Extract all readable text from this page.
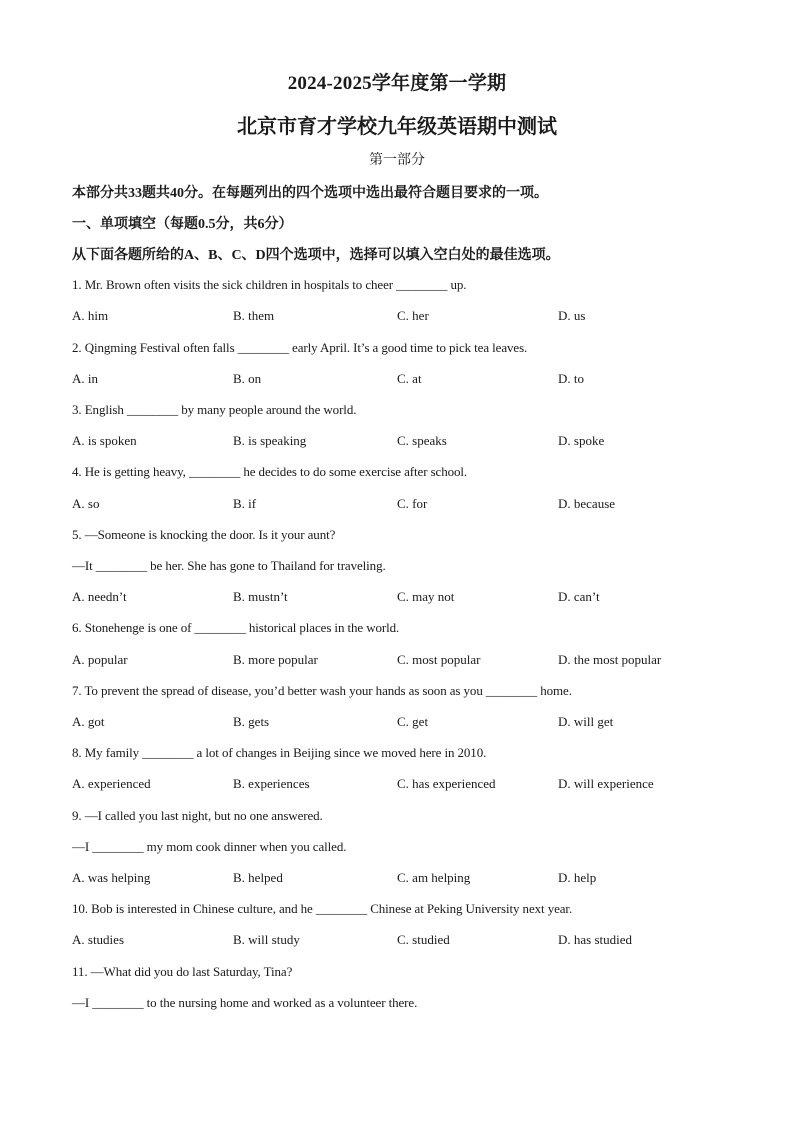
2024-2025学年度第一学期
北京市育才学校九年级英语期中测试
第一部分
本部分共33题共40分。在每题列出的四个选项中选出最符合题目要求的一项。
一、单项填空（每题0.5分，共6分）
从下面各题所给的A、B、C、D四个选项中，选择可以填入空白处的最佳选项。
1. Mr. Brown often visits the sick children in hospitals to cheer ________ up.
A. him	B. them	C. her	D. us
2. Qingming Festival often falls ________ early April. It’s a good time to pick tea leaves.
A. in	B. on	C. at	D. to
3. English ________ by many people around the world.
A. is spoken	B. is speaking	C. speaks	D. spoke
4. He is getting heavy, ________ he decides to do some exercise after school.
A. so	B. if	C. for	D. because
5. —Someone is knocking the door. Is it your aunt?
—It ________ be her. She has gone to Thailand for traveling.
A. needn’t	B. mustn’t	C. may not	D. can’t
6. Stonehenge is one of ________ historical places in the world.
A. popular	B. more popular	C. most popular	D. the most popular
7. To prevent the spread of disease, you’d better wash your hands as soon as you ________ home.
A. got	B. gets	C. get	D. will get
8. My family ________ a lot of changes in Beijing since we moved here in 2010.
A. experienced	B. experiences	C. has experienced	D. will experience
9. —I called you last night, but no one answered.
—I ________ my mom cook dinner when you called.
A. was helping	B. helped	C. am helping	D. help
10. Bob is interested in Chinese culture, and he ________ Chinese at Peking University next year.
A. studies	B. will study	C. studied	D. has studied
11. —What did you do last Saturday, Tina?
—I ________ to the nursing home and worked as a volunteer there.
